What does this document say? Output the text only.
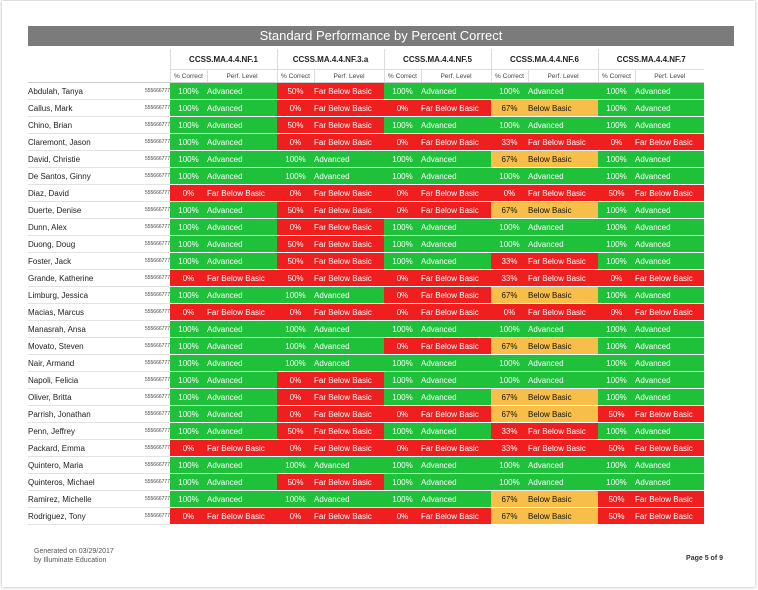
Standard Performance by Percent Correct
		CCSS.MA.4.4.NF.1		CCSS.MA.4.4.NF.3.a		CCSS.MA.4.4.NF.5		CCSS.MA.4.4.NF.6		CCSS.MA.4.4.NF.7	
		% Correct	Perf. Level	% Correct	Perf. Level	% Correct	Perf. Level	% Correct	Perf. Level	% Correct	Perf. Level
Abdulah, Tanya	555666777	100%	Advanced	50%	Far Below Basic	100%	Advanced	100%	Advanced	100%	Advanced
Callus, Mark	555666777	100%	Advanced	0%	Far Below Basic	0%	Far Below Basic	67%	Below Basic	100%	Advanced
Chino, Brian	555666777	100%	Advanced	50%	Far Below Basic	100%	Advanced	100%	Advanced	100%	Advanced
Claremont, Jason	555666777	100%	Advanced	0%	Far Below Basic	0%	Far Below Basic	33%	Far Below Basic	0%	Far Below Basic
David, Christie	555666777	100%	Advanced	100%	Advanced	100%	Advanced	67%	Below Basic	100%	Advanced
De Santos, Ginny	555666777	100%	Advanced	100%	Advanced	100%	Advanced	100%	Advanced	100%	Advanced
Diaz, David	555666777	0%	Far Below Basic	0%	Far Below Basic	0%	Far Below Basic	0%	Far Below Basic	50%	Far Below Basic
Duerte, Denise	555666777	100%	Advanced	50%	Far Below Basic	0%	Far Below Basic	67%	Below Basic	100%	Advanced
Dunn, Alex	555666777	100%	Advanced	0%	Far Below Basic	100%	Advanced	100%	Advanced	100%	Advanced
Duong, Doug	555666777	100%	Advanced	50%	Far Below Basic	100%	Advanced	100%	Advanced	100%	Advanced
Foster, Jack	555666777	100%	Advanced	50%	Far Below Basic	100%	Advanced	33%	Far Below Basic	100%	Advanced
Grande, Katherine	555666777	0%	Far Below Basic	50%	Far Below Basic	0%	Far Below Basic	33%	Far Below Basic	0%	Far Below Basic
Limburg, Jessica	555666777	100%	Advanced	100%	Advanced	0%	Far Below Basic	67%	Below Basic	100%	Advanced
Macias, Marcus	555666777	0%	Far Below Basic	0%	Far Below Basic	0%	Far Below Basic	0%	Far Below Basic	0%	Far Below Basic
Manasrah, Ansa	555666777	100%	Advanced	100%	Advanced	100%	Advanced	100%	Advanced	100%	Advanced
Movato, Steven	555666777	100%	Advanced	100%	Advanced	0%	Far Below Basic	67%	Below Basic	100%	Advanced
Nair, Armand	555666777	100%	Advanced	100%	Advanced	100%	Advanced	100%	Advanced	100%	Advanced
Napoli, Felicia	555666777	100%	Advanced	0%	Far Below Basic	100%	Advanced	100%	Advanced	100%	Advanced
Oliver, Britta	555666777	100%	Advanced	0%	Far Below Basic	100%	Advanced	67%	Below Basic	100%	Advanced
Parrish, Jonathan	555666777	100%	Advanced	0%	Far Below Basic	0%	Far Below Basic	67%	Below Basic	50%	Far Below Basic
Penn, Jeffrey	555666777	100%	Advanced	50%	Far Below Basic	100%	Advanced	33%	Far Below Basic	100%	Advanced
Packard, Emma	555666777	0%	Far Below Basic	0%	Far Below Basic	0%	Far Below Basic	33%	Far Below Basic	50%	Far Below Basic
Quintero, Maria	555666777	100%	Advanced	100%	Advanced	100%	Advanced	100%	Advanced	100%	Advanced
Quinteros, Michael	555666777	100%	Advanced	50%	Far Below Basic	100%	Advanced	100%	Advanced	100%	Advanced
Ramirez, Michelle	555666777	100%	Advanced	100%	Advanced	100%	Advanced	67%	Below Basic	50%	Far Below Basic
Rodriguez, Tony	555666777	0%	Far Below Basic	0%	Far Below Basic	0%	Far Below Basic	67%	Below Basic	50%	Far Below Basic
Generated on 03/29/2017
by Illuminate Education	Page 5 of 9
